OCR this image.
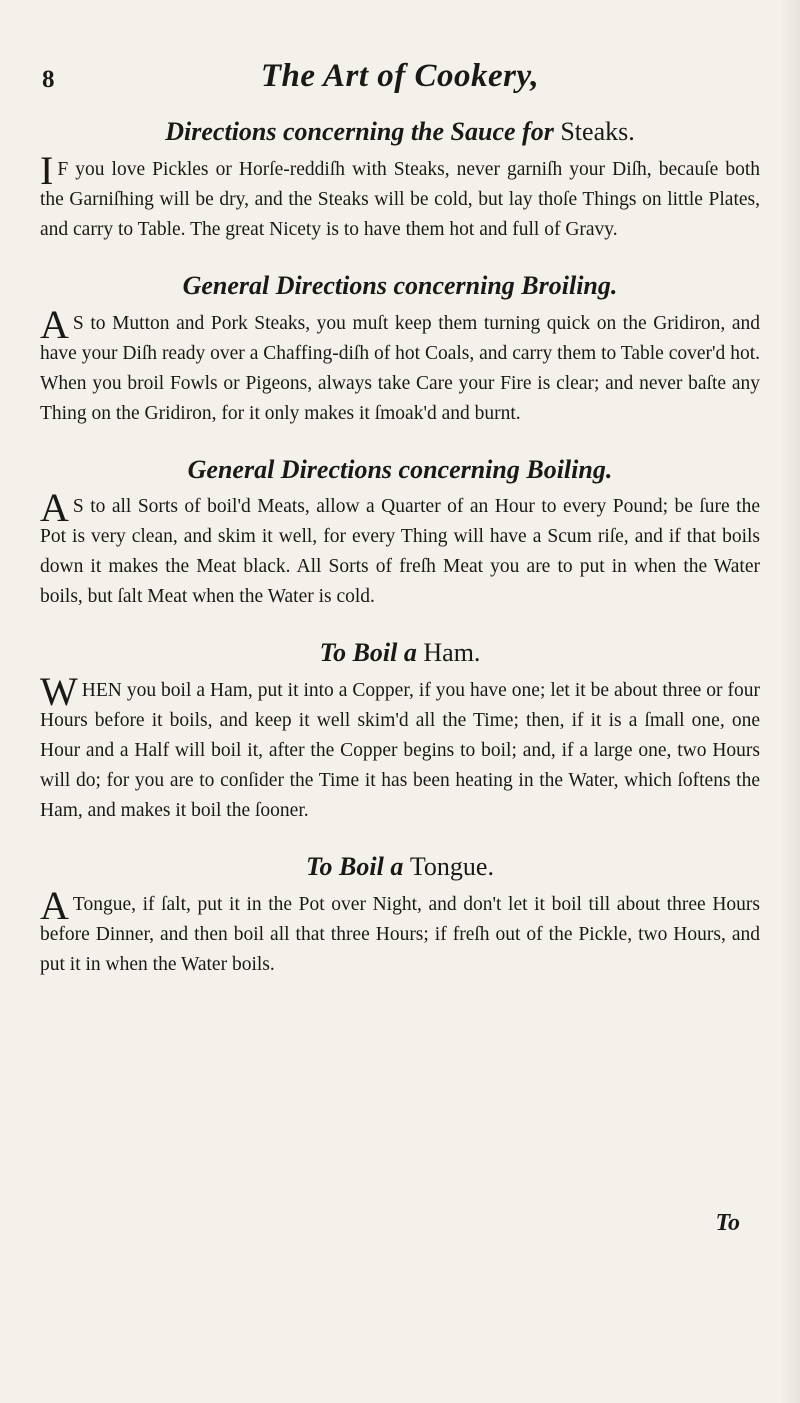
8	The Art of Cookery,
Directions concerning the Sauce for Steaks.

I F you love Pickles or Horſe-reddiſh with Steaks, never garniſh your Diſh, becauſe both the Garniſhing will be dry, and the Steaks will be cold, but lay thoſe Things on little Plates, and carry to Table. The great Nicety is to have them hot and full of Gravy.

General Directions concerning Broiling.

A S to Mutton and Pork Steaks, you muſt keep them turning quick on the Gridiron, and have your Diſh ready over a Chaffing-diſh of hot Coals, and carry them to Table cover'd hot. When you broil Fowls or Pigeons, always take Care your Fire is clear; and never baſte any Thing on the Gridiron, for it only makes it ſmoak'd and burnt.

General Directions concerning Boiling.

A S to all Sorts of boil'd Meats, allow a Quarter of an Hour to every Pound; be ſure the Pot is very clean, and skim it well, for every Thing will have a Scum riſe, and if that boils down it makes the Meat black. All Sorts of freſh Meat you are to put in when the Water boils, but ſalt Meat when the Water is cold.

To Boil a Ham.

WHEN you boil a Ham, put it into a Copper, if you have one; let it be about three or four Hours before it boils, and keep it well skim'd all the Time; then, if it is a ſmall one, one Hour and a Half will boil it, after the Copper begins to boil; and, if a large one, two Hours will do; for you are to conſider the Time it has been heating in the Water, which ſoftens the Ham, and makes it boil the ſooner.

To Boil a Tongue.

A Tongue, if ſalt, put it in the Pot over Night, and don't let it boil till about three Hours before Dinner, and then boil all that three Hours; if freſh out of the Pickle, two Hours, and put it in when the Water boils.

To
